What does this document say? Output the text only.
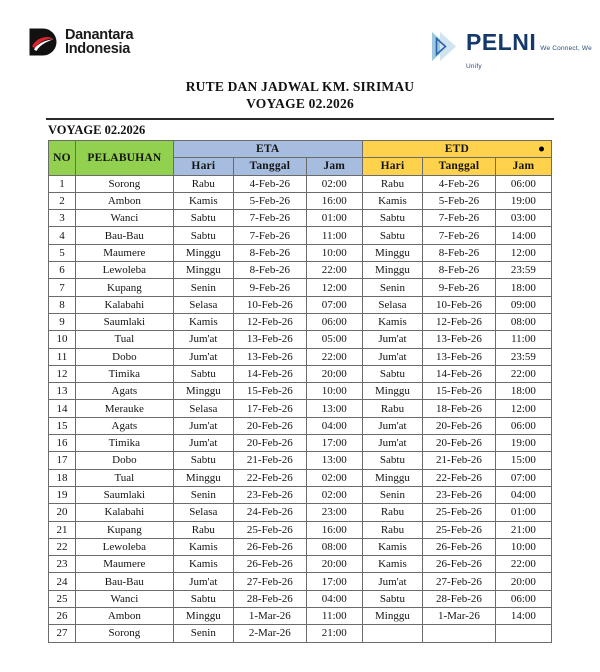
Danantara
Indonesia	PELNI We Connect, We Unify
RUTE DAN JADWAL KM. SIRIMAU
VOYAGE 02.2026
VOYAGE 02.2026
NO	PELABUHAN	ETA			ETD		

		Hari	Tanggal	Jam	Hari	Tanggal	Jam
1	Sorong	Rabu	4-Feb-26	02:00	Rabu	4-Feb-26	06:00
2	Ambon	Kamis	5-Feb-26	16:00	Kamis	5-Feb-26	19:00
3	Wanci	Sabtu	7-Feb-26	01:00	Sabtu	7-Feb-26	03:00
4	Bau-Bau	Sabtu	7-Feb-26	11:00	Sabtu	7-Feb-26	14:00
5	Maumere	Minggu	8-Feb-26	10:00	Minggu	8-Feb-26	12:00
6	Lewoleba	Minggu	8-Feb-26	22:00	Minggu	8-Feb-26	23:59
7	Kupang	Senin	9-Feb-26	12:00	Senin	9-Feb-26	18:00
8	Kalabahi	Selasa	10-Feb-26	07:00	Selasa	10-Feb-26	09:00
9	Saumlaki	Kamis	12-Feb-26	06:00	Kamis	12-Feb-26	08:00
10	Tual	Jum'at	13-Feb-26	05:00	Jum'at	13-Feb-26	11:00
11	Dobo	Jum'at	13-Feb-26	22:00	Jum'at	13-Feb-26	23:59
12	Timika	Sabtu	14-Feb-26	20:00	Sabtu	14-Feb-26	22:00
13	Agats	Minggu	15-Feb-26	10:00	Minggu	15-Feb-26	18:00
14	Merauke	Selasa	17-Feb-26	13:00	Rabu	18-Feb-26	12:00
15	Agats	Jum'at	20-Feb-26	04:00	Jum'at	20-Feb-26	06:00
16	Timika	Jum'at	20-Feb-26	17:00	Jum'at	20-Feb-26	19:00
17	Dobo	Sabtu	21-Feb-26	13:00	Sabtu	21-Feb-26	15:00
18	Tual	Minggu	22-Feb-26	02:00	Minggu	22-Feb-26	07:00
19	Saumlaki	Senin	23-Feb-26	02:00	Senin	23-Feb-26	04:00
20	Kalabahi	Selasa	24-Feb-26	23:00	Rabu	25-Feb-26	01:00
21	Kupang	Rabu	25-Feb-26	16:00	Rabu	25-Feb-26	21:00
22	Lewoleba	Kamis	26-Feb-26	08:00	Kamis	26-Feb-26	10:00
23	Maumere	Kamis	26-Feb-26	20:00	Kamis	26-Feb-26	22:00
24	Bau-Bau	Jum'at	27-Feb-26	17:00	Jum'at	27-Feb-26	20:00
25	Wanci	Sabtu	28-Feb-26	04:00	Sabtu	28-Feb-26	06:00
26	Ambon	Minggu	1-Mar-26	11:00	Minggu	1-Mar-26	14:00
27	Sorong	Senin	2-Mar-26	21:00			
